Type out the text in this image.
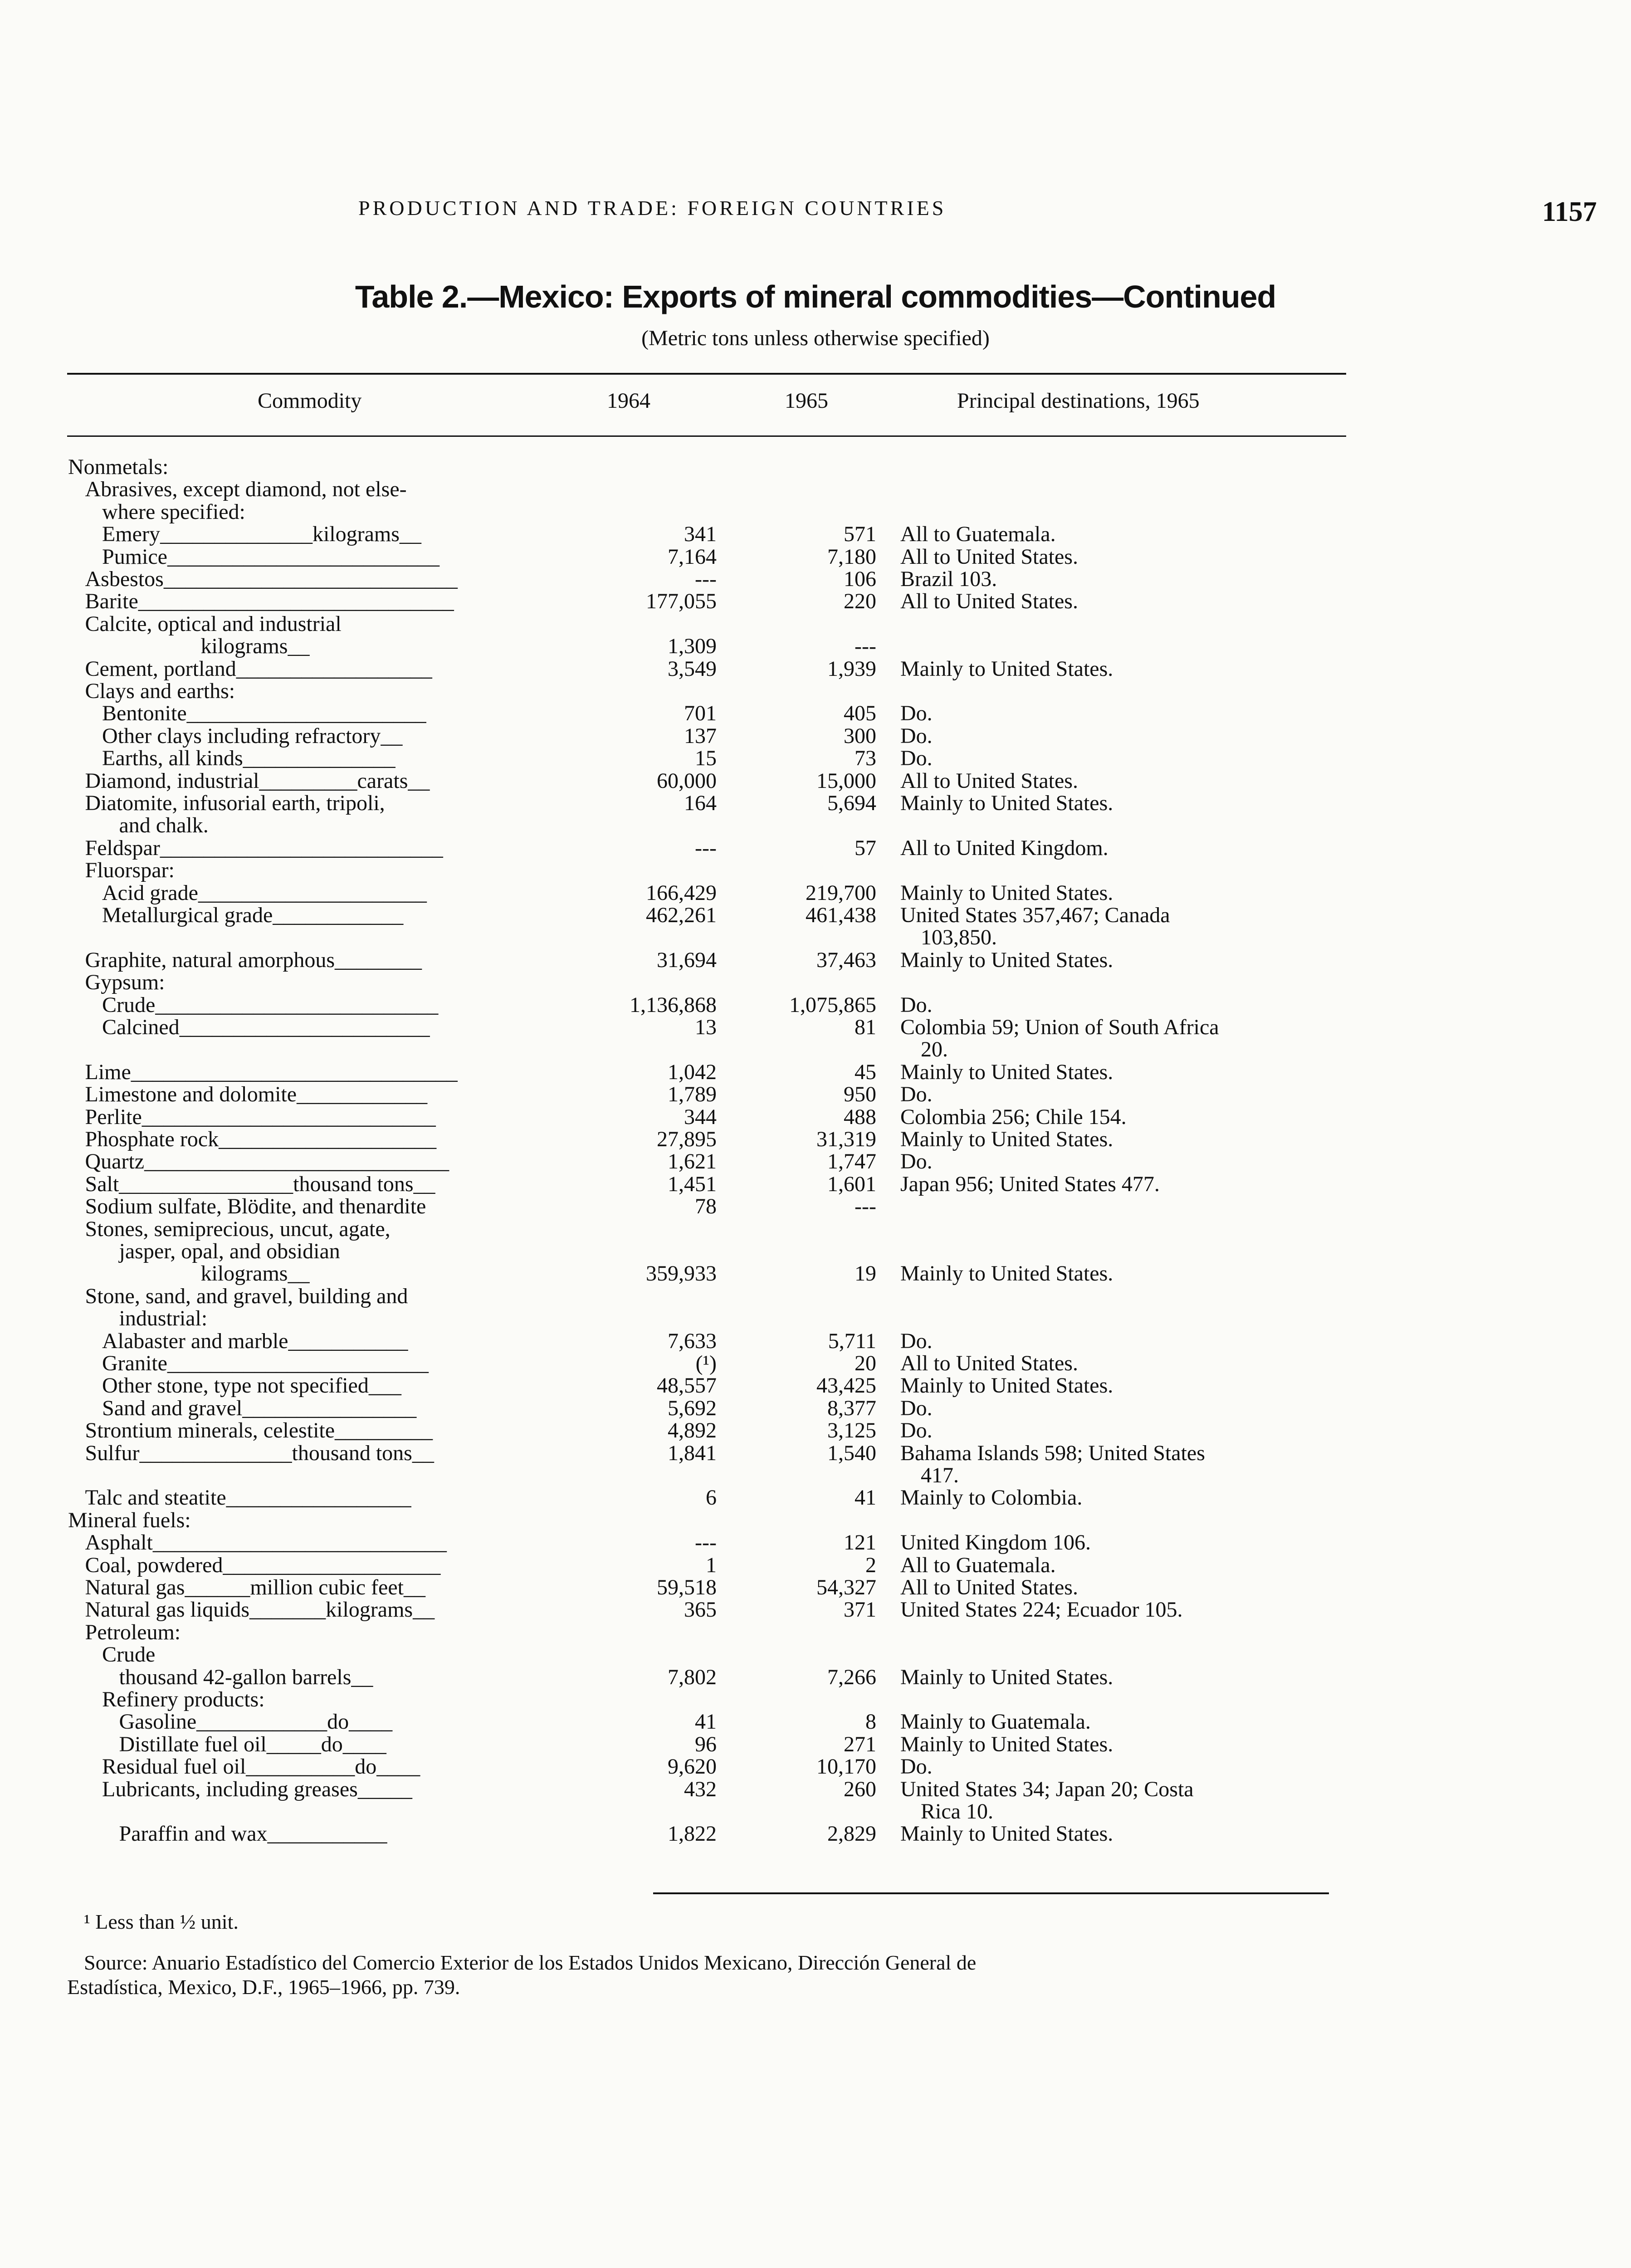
PRODUCTION AND TRADE: FOREIGN COUNTRIES	1157
Table 2.—Mexico: Exports of mineral commodities—Continued
(Metric tons unless otherwise specified)
Commodity	1964	1965	Principal destinations, 1965
Nonmetals:
Abrasives, except diamond, not else-
where specified:
Emery______________kilograms__	341	571 All to Guatemala.
Pumice_________________________	7,164	7,180 All to United States.
Asbestos___________________________	---	106 Brazil 103.
Barite_____________________________	177,055	220 All to United States.
Calcite, optical and industrial
kilograms__	1,309	---
Cement, portland__________________	3,549	1,939 Mainly to United States.
Clays and earths:
Bentonite______________________	701	405 Do.
Other clays including refractory__	137	300 Do.
Earths, all kinds______________	15	73 Do.
Diamond, industrial_________carats__	60,000	15,000 All to United States.
Diatomite, infusorial earth, tripoli,	164	5,694 Mainly to United States.
and chalk.
Feldspar__________________________	---	57 All to United Kingdom.
Fluorspar:
Acid grade_____________________	166,429	219,700 Mainly to United States.
Metallurgical grade____________	462,261	461,438 United States 357,467; Canada
103,850.
Graphite, natural amorphous________	31,694	37,463 Mainly to United States.
Gypsum:
Crude__________________________	1,136,868	1,075,865 Do.
Calcined_______________________	13	81 Colombia 59; Union of South Africa
20.
Lime______________________________	1,042	45 Mainly to United States.
Limestone and dolomite____________	1,789	950 Do.
Perlite___________________________	344	488 Colombia 256; Chile 154.
Phosphate rock____________________	27,895	31,319 Mainly to United States.
Quartz____________________________	1,621	1,747 Do.
Salt________________thousand tons__	1,451	1,601 Japan 956; United States 477.
Sodium sulfate, Blödite, and thenardite	78	---
Stones, semiprecious, uncut, agate,
jasper, opal, and obsidian
kilograms__	359,933	19 Mainly to United States.
Stone, sand, and gravel, building and
industrial:
Alabaster and marble___________	7,633	5,711 Do.
Granite________________________	(¹)	20 All to United States.
Other stone, type not specified___	48,557	43,425 Mainly to United States.
Sand and gravel________________	5,692	8,377 Do.
Strontium minerals, celestite_________	4,892	3,125 Do.
Sulfur______________thousand tons__	1,841	1,540 Bahama Islands 598; United States
417.
Talc and steatite_________________	6	41 Mainly to Colombia.
Mineral fuels:
Asphalt___________________________	---	121 United Kingdom 106.
Coal, powdered____________________	1	2 All to Guatemala.
Natural gas______million cubic feet__	59,518	54,327 All to United States.
Natural gas liquids_______kilograms__	365	371 United States 224; Ecuador 105.
Petroleum:
Crude
thousand 42-gallon barrels__	7,802	7,266 Mainly to United States.
Refinery products:
Gasoline____________do____	41	8 Mainly to Guatemala.
Distillate fuel oil_____do____	96	271 Mainly to United States.
Residual fuel oil__________do____	9,620	10,170 Do.
Lubricants, including greases_____	432	260 United States 34; Japan 20; Costa
Rica 10.
Paraffin and wax___________	1,822	2,829 Mainly to United States.
¹ Less than ½ unit.
Source: Anuario Estadístico del Comercio Exterior de los Estados Unidos Mexicano, Dirección General de
Estadística, Mexico, D.F., 1965–1966, pp. 739.
